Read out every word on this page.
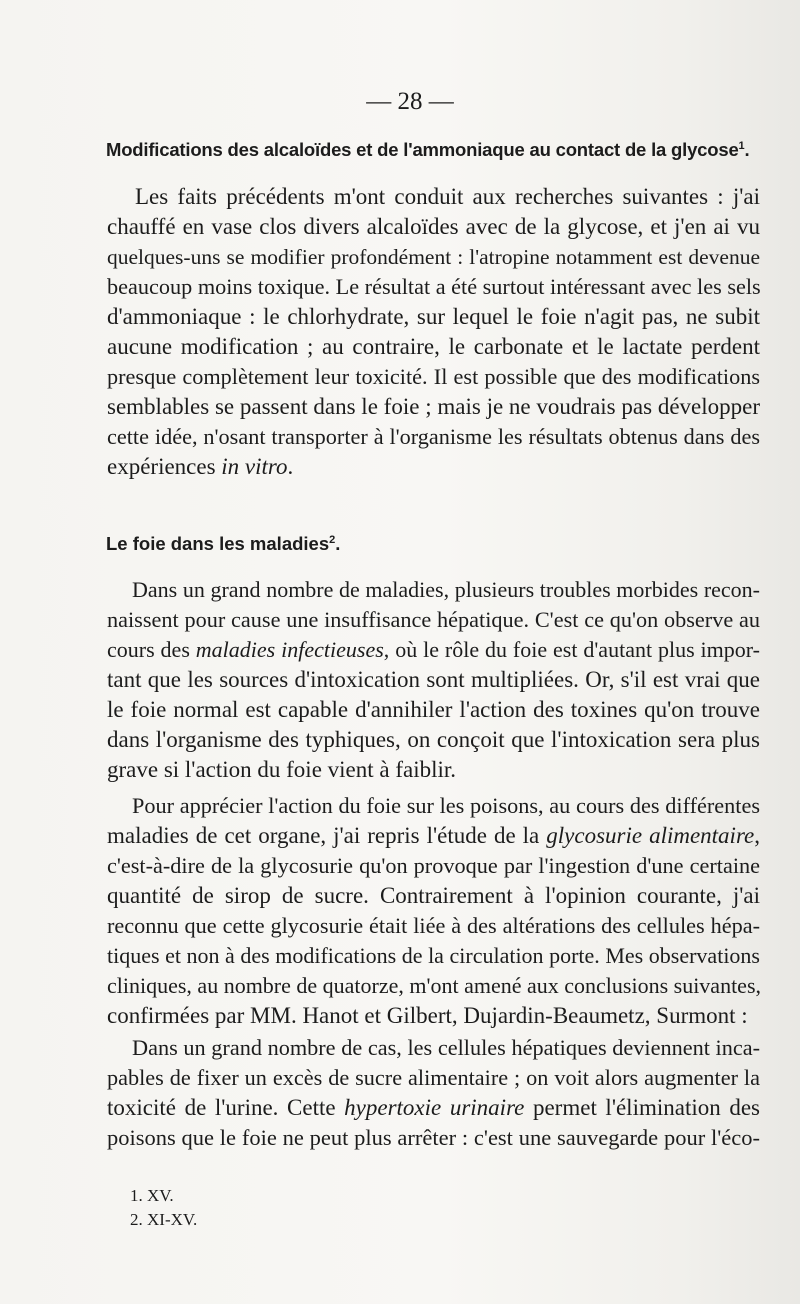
— 28 —
Modifications des alcaloïdes et de l'ammoniaque au contact de la glycose$^1$.
Les faits précédents m'ont conduit aux recherches suivantes : j'ai
chauffé en vase clos divers alcaloïdes avec de la glycose, et j'en ai vu
quelques-uns se modifier profondément : l'atropine notamment est devenue
beaucoup moins toxique. Le résultat a été surtout intéressant avec les sels
d'ammoniaque : le chlorhydrate, sur lequel le foie n'agit pas, ne subit
aucune modification ; au contraire, le carbonate et le lactate perdent
presque complètement leur toxicité. Il est possible que des modifications
semblables se passent dans le foie ; mais je ne voudrais pas développer
cette idée, n'osant transporter à l'organisme les résultats obtenus dans des
expériences in vitro.
Le foie dans les maladies$^2$.
Dans un grand nombre de maladies, plusieurs troubles morbides recon-
naissent pour cause une insuffisance hépatique. C'est ce qu'on observe au
cours des maladies infectieuses, où le rôle du foie est d'autant plus impor-
tant que les sources d'intoxication sont multipliées. Or, s'il est vrai que
le foie normal est capable d'annihiler l'action des toxines qu'on trouve
dans l'organisme des typhiques, on conçoit que l'intoxication sera plus
grave si l'action du foie vient à faiblir.
Pour apprécier l'action du foie sur les poisons, au cours des différentes
maladies de cet organe, j'ai repris l'étude de la glycosurie alimentaire,
c'est-à-dire de la glycosurie qu'on provoque par l'ingestion d'une certaine
quantité de sirop de sucre. Contrairement à l'opinion courante, j'ai
reconnu que cette glycosurie était liée à des altérations des cellules hépa-
tiques et non à des modifications de la circulation porte. Mes observations
cliniques, au nombre de quatorze, m'ont amené aux conclusions suivantes,
confirmées par MM. Hanot et Gilbert, Dujardin-Beaumetz, Surmont :
Dans un grand nombre de cas, les cellules hépatiques deviennent inca-
pables de fixer un excès de sucre alimentaire ; on voit alors augmenter la
toxicité de l'urine. Cette hypertoxie urinaire permet l'élimination des
poisons que le foie ne peut plus arrêter : c'est une sauvegarde pour l'éco-
1. XV.
2. XI-XV.
